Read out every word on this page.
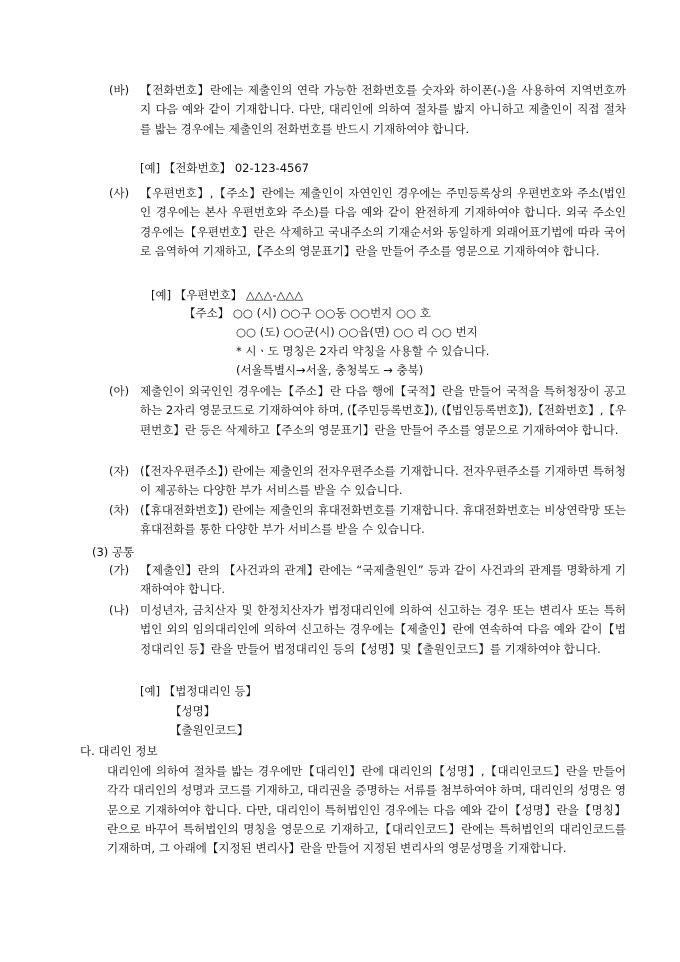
(바) 【전화번호】란에는 제출인의 연락 가능한 전화번호를 숫자와 하이폰(-)을 사용하여 지역번호까지 다음 예와 같이 기재합니다. 다만, 대리인에 의하여 절차를 밟지 아니하고 제출인이 직접 절차를 밟는 경우에는 제출인의 전화번호를 반드시 기재하여야 합니다.

[예] 【전화번호】 02-123-4567
(사) 【우편번호】,【주소】란에는 제출인이 자연인인 경우에는 주민등록상의 우편번호와 주소(법인인 경우에는 본사 우편번호와 주소)를 다음 예와 같이 완전하게 기재하여야 합니다. 외국 주소인 경우에는【우편번호】란은 삭제하고 국내주소의 기재순서와 동일하게 외래어표기법에 따라 국어로 음역하여 기재하고,【주소의 영문표기】란을 만들어 주소를 영문으로 기재하여야 합니다.

[예] 【우편번호】 △△△-△△△
【주소】 ○○ (시) ○○구 ○○동 ○○번지 ○○ 호
○○ (도) ○○군(시) ○○읍(면) ○○ 리 ○○ 번지
* 시ㆍ도 명칭은 2자리 약칭을 사용할 수 있습니다.
(서울특별시→서울, 충청북도 → 충북)
(아) 제출인이 외국인인 경우에는【주소】란 다음 행에【국적】란을 만들어 국적을 특허청장이 공고하는 2자리 영문코드로 기재하여야 하며, (【주민등록번호】), (【법인등록번호】),【전화번호】,【우편번호】란 등은 삭제하고【주소의 영문표기】란을 만들어 주소를 영문으로 기재하여야 합니다.

(자) (【전자우편주소】) 란에는 제출인의 전자우편주소를 기재합니다. 전자우편주소를 기재하면 특허청이 제공하는 다양한 부가 서비스를 받을 수 있습니다.

(차) (【휴대전화번호】) 란에는 제출인의 휴대전화번호를 기재합니다. 휴대전화번호는 비상연락망 또는 휴대전화를 통한 다양한 부가 서비스를 받을 수 있습니다.

(3) 공통
(가) 【제출인】란의 【사건과의 관계】란에는 “국제출원인” 등과 같이 사건과의 관계를 명확하게 기재하여야 합니다.

(나) 미성년자, 금치산자 및 한정치산자가 법정대리인에 의하여 신고하는 경우 또는 변리사 또는 특허법인 외의 임의대리인에 의하여 신고하는 경우에는【제출인】란에 연속하여 다음 예와 같이【법정대리인 등】란을 만들어 법정대리인 등의【성명】및【출원인코드】를 기재하여야 합니다.

[예] 【법정대리인 등】
【성명】
【출원인코드】
다. 대리인 정보

대리인에 의하여 절차를 밟는 경우에만【대리인】란에 대리인의【성명】,【대리인코드】란을 만들어 각각 대리인의 성명과 코드를 기재하고, 대리권을 증명하는 서류를 첨부하여야 하며, 대리인의 성명은 영문으로 기재하여야 합니다. 다만, 대리인이 특허법인인 경우에는 다음 예와 같이【성명】란을【명칭】란으로 바꾸어 특허법인의 명칭을 영문으로 기재하고,【대리인코드】란에는 특허법인의 대리인코드를 기재하며, 그 아래에【지정된 변리사】란을 만들어 지정된 변리사의 영문성명을 기재합니다.
